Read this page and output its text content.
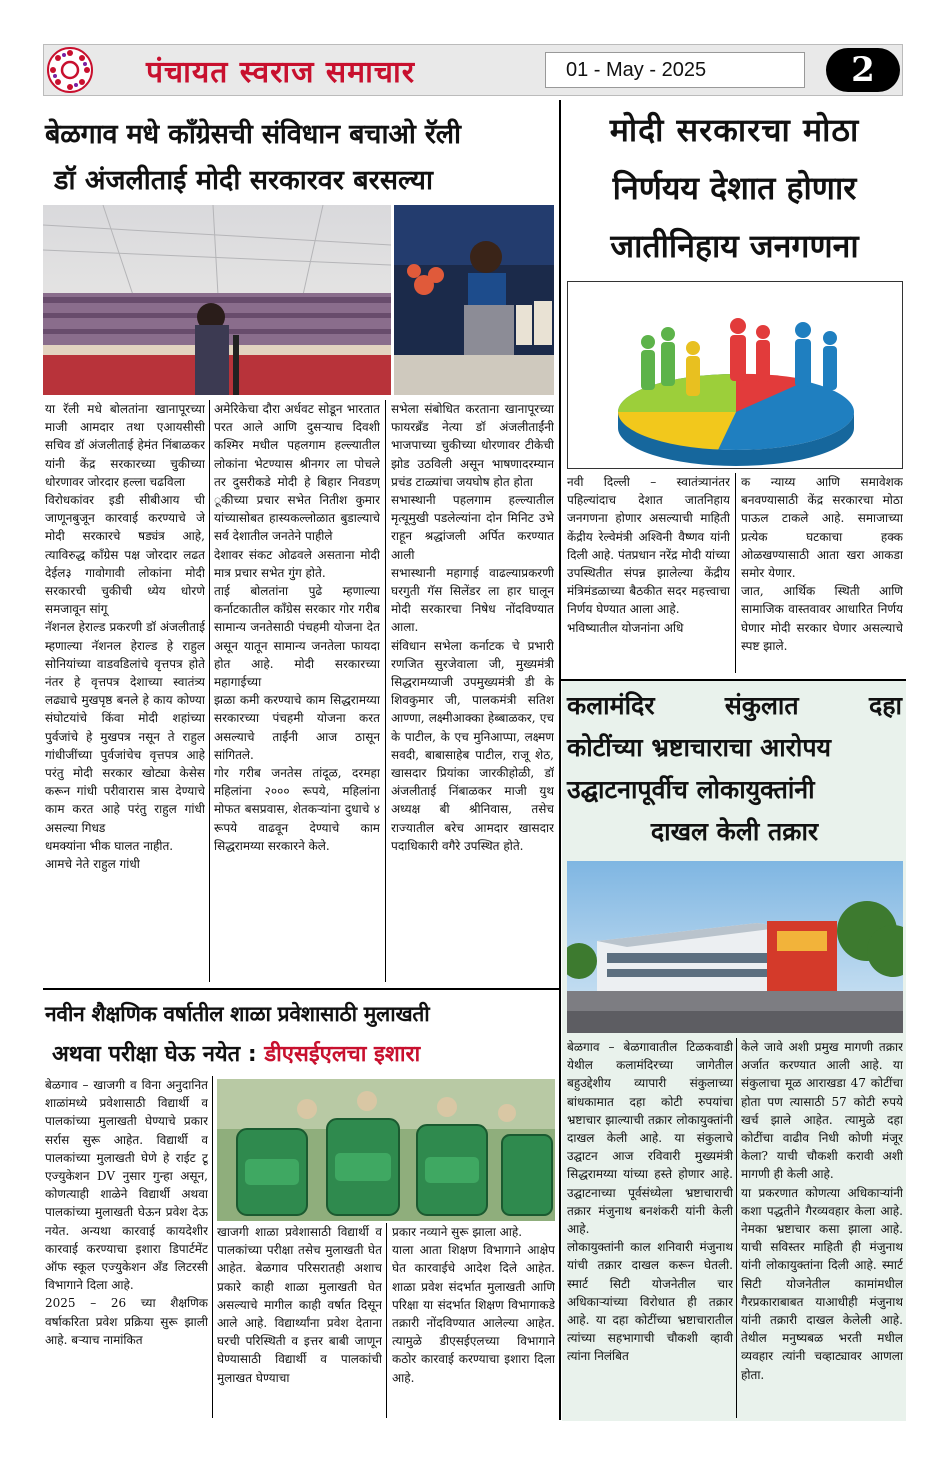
पंचायत स्वराज समाचार	01 - May - 2025	2
बेळगाव मधे काँग्रेसची संविधान बचाओ रॅली
डॉ अंजलीताई मोदी सरकारवर बरसल्या
या रॅली मधे बोलतांना खानापूरच्या माजी आमदार तथा एआयसीसी सचिव डॉ अंजलीताई हेमंत निंबाळकर यांनी केंद्र सरकारच्या चुकीच्या धोरणावर जोरदार हल्ला चढविला
विरोधकांवर इडी सीबीआय ची जाणूनबुजून कारवाई करण्याचे जे मोदी सरकारचे षड्यंत्र आहे, त्याविरुद्ध कॉंग्रेस पक्ष जोरदार लढत देईल३ गावोगावी लोकांना मोदी सरकारची चुकीची ध्येय धोरणे समजावून सांगू
नॅशनल हेराल्ड प्रकरणी डॉ अंजलीताई म्हणाल्या नॅशनल हेराल्ड हे राहुल सोनियांच्या वाडवडिलांचे वृत्तपत्र होते नंतर हे वृत्तपत्र देशाच्या स्वातंत्र्य लढ्याचे मुखपृष्ठ बनले हे काय कोण्या संघोटयांचे किंवा मोदी शहांच्या पुर्वजांचे हे मुखपत्र नसून ते राहुल गांधीजींच्या पुर्वजांचेच वृत्तपत्र आहे परंतु मोदी सरकार खोट्या केसेस करून गांधी परीवारास त्रास देण्याचे काम करत आहे परंतु राहुल गांधी असल्या गिधड
धमक्यांना भीक घालत नाहीत.
आमचे नेते राहुल गांधी
अमेरिकेचा दौरा अर्धवट सोडून भारतात परत आले आणि दुसऱ्याच दिवशी कश्मिर मधील पहलगाम हल्ल्यातील लोकांना भेटण्यास श्रीनगर ला पोचले तर दुसरीकडे मोदी हे बिहार निवडण् ूकीच्या प्रचार सभेत नितीश कुमार यांच्यासोबत हास्यकल्लोळात बुडाल्याचे सर्व देशातील जनतेने पाहीले
देशावर संकट ओढवले असताना मोदी मात्र प्रचार सभेत गुंग होते.
ताई बोलतांना पुढे म्हणाल्या कर्नाटकातील कॉंग्रेस सरकार गोर गरीब सामान्य जनतेसाठी पंचहमी योजना देत असून यातून सामान्य जनतेला फायदा होत आहे. मोदी सरकारच्या महागाईच्या
झळा कमी करण्याचे काम सिद्धरामय्या सरकारच्या पंचहमी योजना करत असल्याचे ताईंनी आज ठासून सांगितले.
गोर गरीब जनतेस तांदूळ, दरमहा महिलांना २००० रूपये, महिलांना मोफत बसप्रवास, शेतकऱ्यांना दुधाचे ४ रूपये वाढवून देण्याचे काम सिद्धरामय्या सरकारने केले.
सभेला संबोधित करताना खानापूरच्या फायरब्रँड नेत्या डॉ अंजलीताईंनी भाजपाच्या चुकीच्या धोरणावर टीकेची झोड उठविली असून भाषणादरम्यान प्रचंड टाळ्यांचा जयघोष होत होता
सभास्थानी पहलगाम हल्ल्यातील मृत्यूमुखी पडलेल्यांना दोन मिनिट उभे राहून श्रद्धांजली अर्पित करण्यात आली
सभास्थानी महागाई वाढल्याप्रकरणी घरगुती गॅस सिलेंडर ला हार घालून मोदी सरकारचा निषेध नोंदविण्यात आला.
संविधान सभेला कर्नाटक चे प्रभारी रणजित सुरजेवाला जी, मुख्यमंत्री सिद्धरामय्याजी उपमुख्यमंत्री डी के शिवकुमार जी, पालकमंत्री सतिश आण्णा, लक्ष्मीआक्का हेब्बाळकर, एच के पाटील, के एच मुनिआप्पा, लक्ष्मण सवदी, बाबासाहेब पाटील, राजू शेठ, खासदार प्रियांका जारकीहोळी, डॉ अंजलीताई निंबाळकर माजी युथ अध्यक्ष बी श्रीनिवास, तसेच राज्यातील बरेच आमदार खासदार पदाधिकारी वगैरे उपस्थित होते.
मोदी सरकारचा मोठा
निर्णयय देशात होणार
जातीनिहाय जनगणना
नवी दिल्ली – स्वातंत्र्यानंतर पहिल्यांदाच देशात जातनिहाय जनगणना होणार असल्याची माहिती केंद्रीय रेल्वेमंत्री अश्विनी वैष्णव यांनी दिली आहे. पंतप्रधान नरेंद्र मोदी यांच्या उपस्थितीत संपन्न झालेल्या केंद्रीय मंत्रिमंडळाच्या बैठकीत सदर महत्त्वाचा निर्णय घेण्यात आला आहे.
भविष्यातील योजनांना अधि
क न्याय्य आणि समावेशक बनवण्यासाठी केंद्र सरकारचा मोठा पाऊल टाकले आहे. समाजाच्या प्रत्येक घटकाचा हक्क ओळखण्यासाठी आता खरा आकडा समोर येणार.
जात, आर्थिक स्थिती आणि सामाजिक वास्तवावर आधारित निर्णय घेणार मोदी सरकार घेणार असल्याचे स्पष्ट झाले.
कलामंदिर संकुलात दहा
कोटींच्या भ्रष्टाचाराचा आरोपय
उद्घाटनापूर्वीच लोकायुक्तांनी
दाखल केली तक्रार
बेळगाव – बेळगावातील टिळकवाडी येथील कलामंदिरच्या जागेतील बहुउद्देशीय व्यापारी संकुलाच्या बांधकामात दहा कोटी रुपयांचा भ्रष्टाचार झाल्याची तक्रार लोकायुक्तांनी दाखल केली आहे. या संकुलाचे उद्घाटन आज रविवारी मुख्यमंत्री सिद्धरामय्या यांच्या हस्ते होणार आहे. उद्घाटनाच्या पूर्वसंध्येला भ्रष्टाचाराची तक्रार मंजुनाथ बनशंकरी यांनी केली आहे.
लोकायुक्तांनी काल शनिवारी मंजुनाथ यांची तक्रार दाखल करून घेतली. स्मार्ट सिटी योजनेतील चार अधिकाऱ्यांच्या विरोधात ही तक्रार आहे. या दहा कोटींच्या भ्रष्टाचारातील त्यांच्या सहभागाची चौकशी व्हावी त्यांना निलंबित
केले जावे अशी प्रमुख मागणी तक्रार अर्जात करण्यात आली आहे. या संकुलाचा मूळ आराखडा 47 कोटींचा होता पण त्यासाठी 57 कोटी रुपये खर्च झाले आहेत. त्यामुळे दहा कोटींचा वाढीव निधी कोणी मंजूर केला? याची चौकशी करावी अशी मागणी ही केली आहे.
या प्रकरणात कोणत्या अधिकाऱ्यांनी कशा पद्धतीने गैरव्यवहार केला आहे. नेमका भ्रष्टाचार कसा झाला आहे. याची सविस्तर माहिती ही मंजुनाथ यांनी लोकायुक्तांना दिली आहे. स्मार्ट सिटी योजनेतील कामांमधील गैरप्रकाराबाबत याआधीही मंजुनाथ यांनी तक्रारी दाखल केलेली आहे. तेथील मनुष्यबळ भरती मधील व्यवहार त्यांनी चव्हाट्यावर आणला होता.
नवीन शैक्षणिक वर्षातील शाळा प्रवेशासाठी मुलाखती
अथवा परीक्षा घेऊ नयेत : डीएसईएलचा इशारा
बेळगाव – खाजगी व विना अनुदानित शाळांमध्ये प्रवेशासाठी विद्यार्थी व पालकांच्या मुलाखती घेण्याचे प्रकार सर्रास सुरू आहेत. विद्यार्थी व पालकांच्या मुलाखती घेणे हे राईट टू एज्युकेशन DV नुसार गुन्हा असून, कोणत्याही शाळेने विद्यार्थी अथवा पालकांच्या मुलाखती घेऊन प्रवेश देऊ नयेत. अन्यथा कारवाई कायदेशीर कारवाई करण्याचा इशारा डिपार्टमेंट ऑफ स्कूल एज्युकेशन अँड लिटरसी विभागाने दिला आहे.
2025 – 26 च्या शैक्षणिक वर्षाकरिता प्रवेश प्रक्रिया सुरू झाली आहे. बऱ्याच नामांकित
खाजगी शाळा प्रवेशासाठी विद्यार्थी व पालकांच्या परीक्षा तसेच मुलाखती घेत आहेत. बेळगाव परिसरातही अशाच प्रकारे काही शाळा मुलाखती घेत असल्याचे मागील काही वर्षात दिसून आले आहे. विद्यार्थ्यांना प्रवेश देताना घरची परिस्थिती व इत्तर बाबी जाणून घेण्यासाठी विद्यार्थी व पालकांची मुलाखत घेण्याचा
प्रकार नव्याने सुरू झाला आहे.
याला आता शिक्षण विभागाने आक्षेप घेत कारवाईचे आदेश दिले आहेत. शाळा प्रवेश संदर्भात मुलाखती आणि परिक्षा या संदर्भात शिक्षण विभागाकडे तक्रारी नोंदविण्यात आलेल्या आहेत. त्यामुळे डीएसईएलच्या विभागाने कठोर कारवाई करण्याचा इशारा दिला आहे.
